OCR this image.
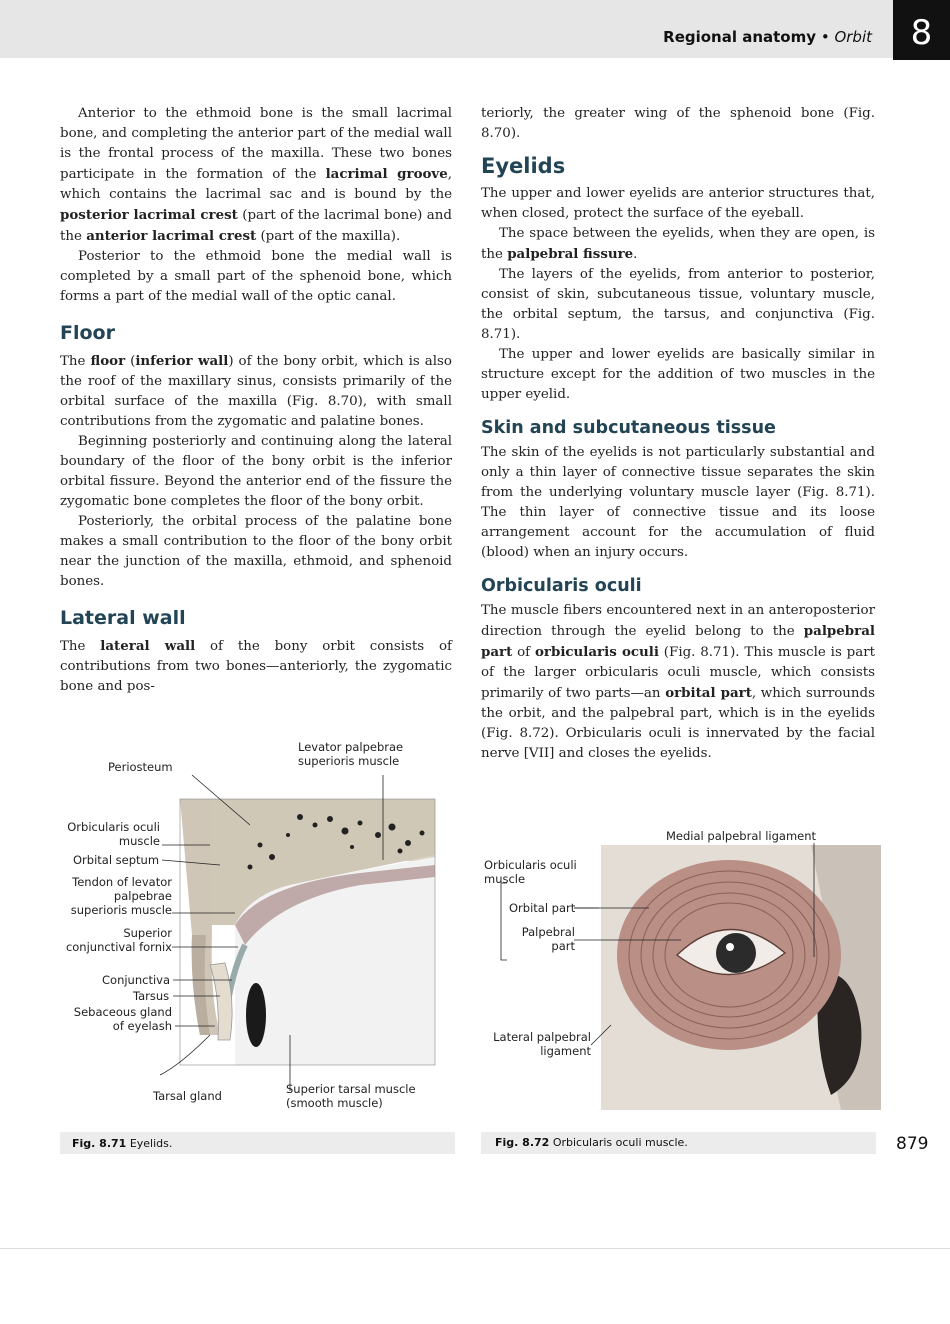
Regional anatomy • Orbit	8

Anterior to the ethmoid bone is the small lacrimal bone, and completing the anterior part of the medial wall is the frontal process of the maxilla. These two bones participate in the formation of the lacrimal groove, which contains the lacrimal sac and is bound by the posterior lacrimal crest (part of the lacrimal bone) and the anterior lacrimal crest (part of the maxilla).

Posterior to the ethmoid bone the medial wall is completed by a small part of the sphenoid bone, which forms a part of the medial wall of the optic canal.

Floor

The floor (inferior wall) of the bony orbit, which is also the roof of the maxillary sinus, consists primarily of the orbital surface of the maxilla (Fig. 8.70), with small contributions from the zygomatic and palatine bones.

Beginning posteriorly and continuing along the lateral boundary of the floor of the bony orbit is the inferior orbital fissure. Beyond the anterior end of the fissure the zygomatic bone completes the floor of the bony orbit.

Posteriorly, the orbital process of the palatine bone makes a small contribution to the floor of the bony orbit near the junction of the maxilla, ethmoid, and sphenoid bones.

Lateral wall

The lateral wall of the bony orbit consists of contributions from two bones—anteriorly, the zygomatic bone and pos-

teriorly, the greater wing of the sphenoid bone (Fig. 8.70).

Eyelids

The upper and lower eyelids are anterior structures that, when closed, protect the surface of the eyeball.

The space between the eyelids, when they are open, is the palpebral fissure.

The layers of the eyelids, from anterior to posterior, consist of skin, subcutaneous tissue, voluntary muscle, the orbital septum, the tarsus, and conjunctiva (Fig. 8.71).

The upper and lower eyelids are basically similar in structure except for the addition of two muscles in the upper eyelid.

Skin and subcutaneous tissue

The skin of the eyelids is not particularly substantial and only a thin layer of connective tissue separates the skin from the underlying voluntary muscle layer (Fig. 8.71). The thin layer of connective tissue and its loose arrangement account for the accumulation of fluid (blood) when an injury occurs.

Orbicularis oculi

The muscle fibers encountered next in an anteroposterior direction through the eyelid belong to the palpebral part of orbicularis oculi (Fig. 8.71). This muscle is part of the larger orbicularis oculi muscle, which consists primarily of two parts—an orbital part, which surrounds the orbit, and the palpebral part, which is in the eyelids (Fig. 8.72). Orbicularis oculi is innervated by the facial nerve [VII] and closes the eyelids.

Periosteum
Levator palpebrae superioris muscle
Orbicularis oculi muscle
Orbital septum
Tendon of levator palpebrae superioris muscle
Superior conjunctival fornix
Conjunctiva
Tarsus
Sebaceous gland of eyelash
Tarsal gland	Superior tarsal muscle (smooth muscle)
Fig. 8.71 Eyelids.
Medial palpebral ligament
Orbicularis oculi muscle
Orbital part
Palpebral part
Lateral palpebral ligament
Fig. 8.72 Orbicularis oculi muscle.	879
